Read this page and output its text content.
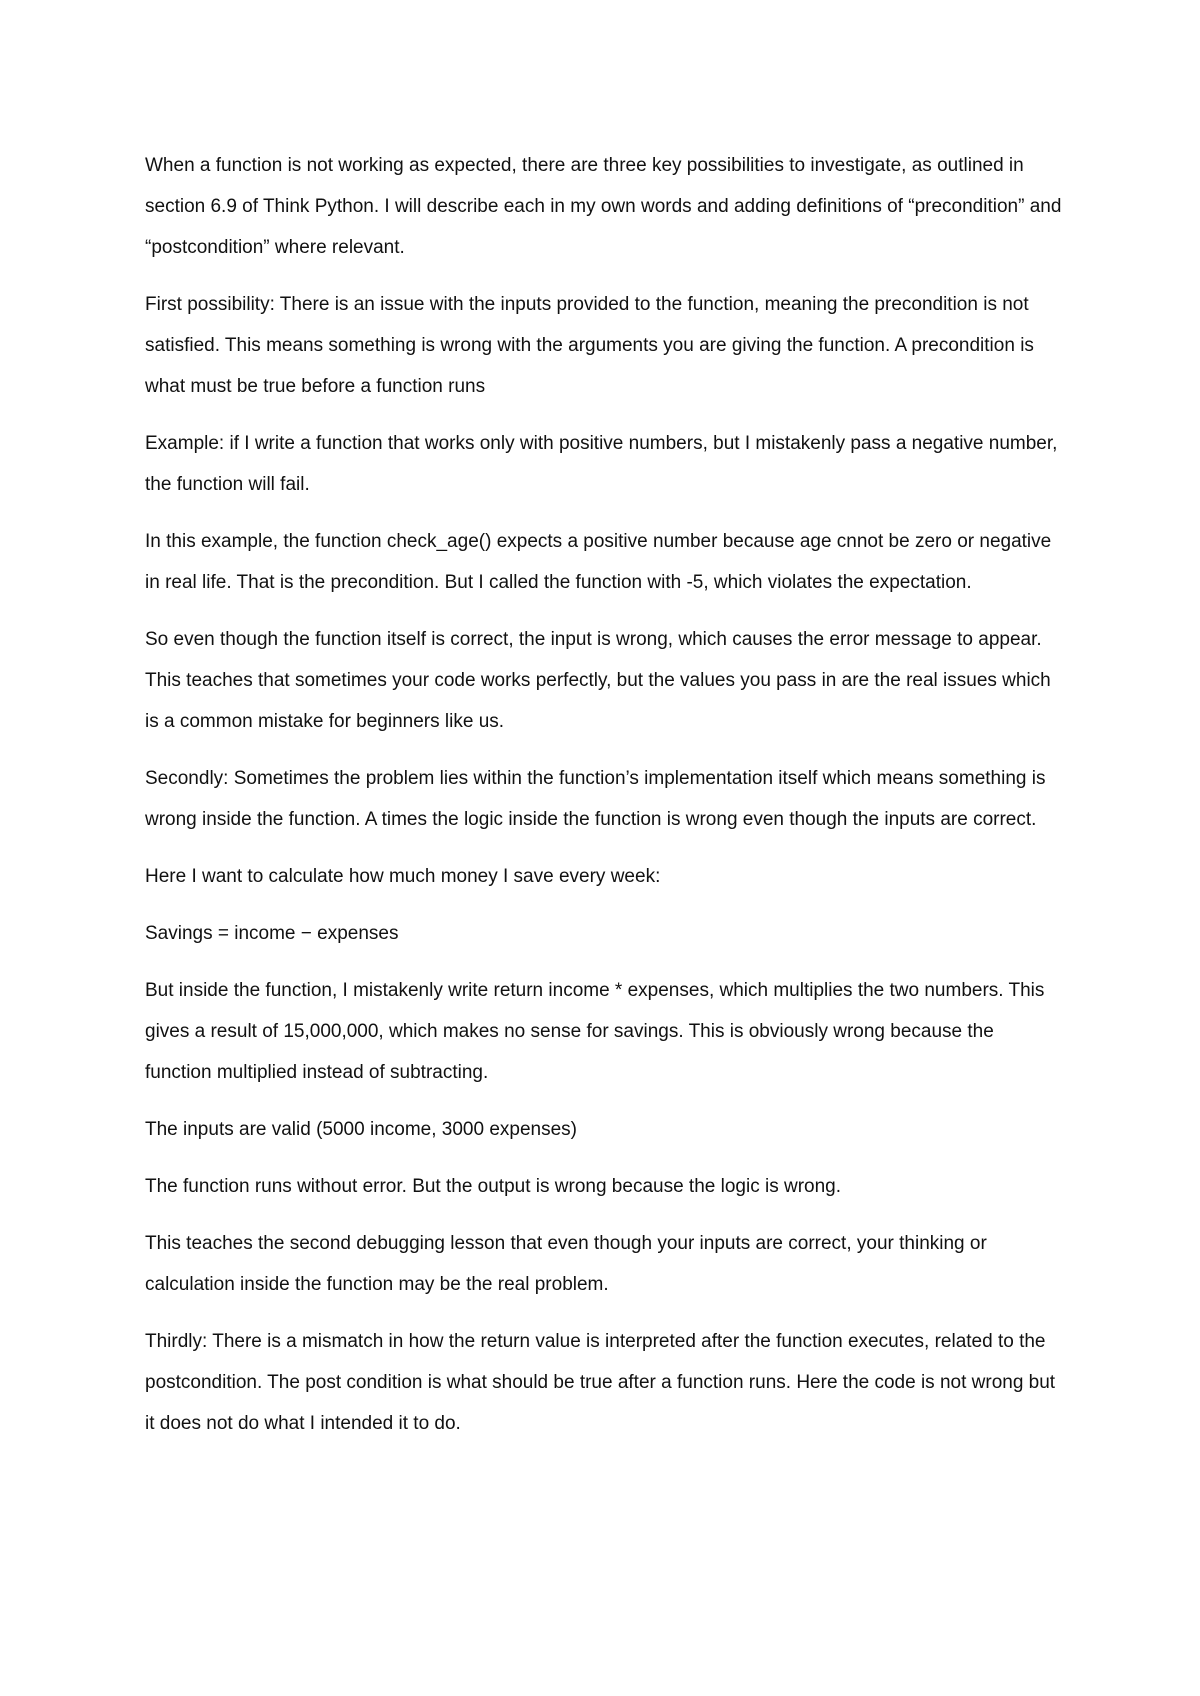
When a function is not working as expected, there are three key possibilities to investigate, as outlined in section 6.9 of Think Python. I will describe each in my own words and adding definitions of “precondition” and “postcondition” where relevant.

First possibility: There is an issue with the inputs provided to the function, meaning the precondition is not satisfied. This means something is wrong with the arguments you are giving the function. A precondition is what must be true before a function runs

Example: if I write a function that works only with positive numbers, but I mistakenly pass a negative number, the function will fail.

In this example, the function check_age() expects a positive number because age cnnot be zero or negative in real life. That is the precondition. But I called the function with -5, which violates the expectation.

So even though the function itself is correct, the input is wrong, which causes the error message to appear. This teaches that sometimes your code works perfectly, but the values you pass in are the real issues which is a common mistake for beginners like us.

Secondly: Sometimes the problem lies within the function’s implementation itself which means something is wrong inside the function. A times the logic inside the function is wrong even though the inputs are correct.

Here I want to calculate how much money I save every week:

Savings = income − expenses

But inside the function, I mistakenly write return income * expenses, which multiplies the two numbers. This gives a result of 15,000,000, which makes no sense for savings. This is obviously wrong because the function multiplied instead of subtracting.

The inputs are valid (5000 income, 3000 expenses)

The function runs without error. But the output is wrong because the logic is wrong.

This teaches the second debugging lesson that even though your inputs are correct, your thinking or calculation inside the function may be the real problem.

Thirdly: There is a mismatch in how the return value is interpreted after the function executes, related to the postcondition. The post condition is what should be true after a function runs. Here the code is not wrong but it does not do what I intended it to do.
